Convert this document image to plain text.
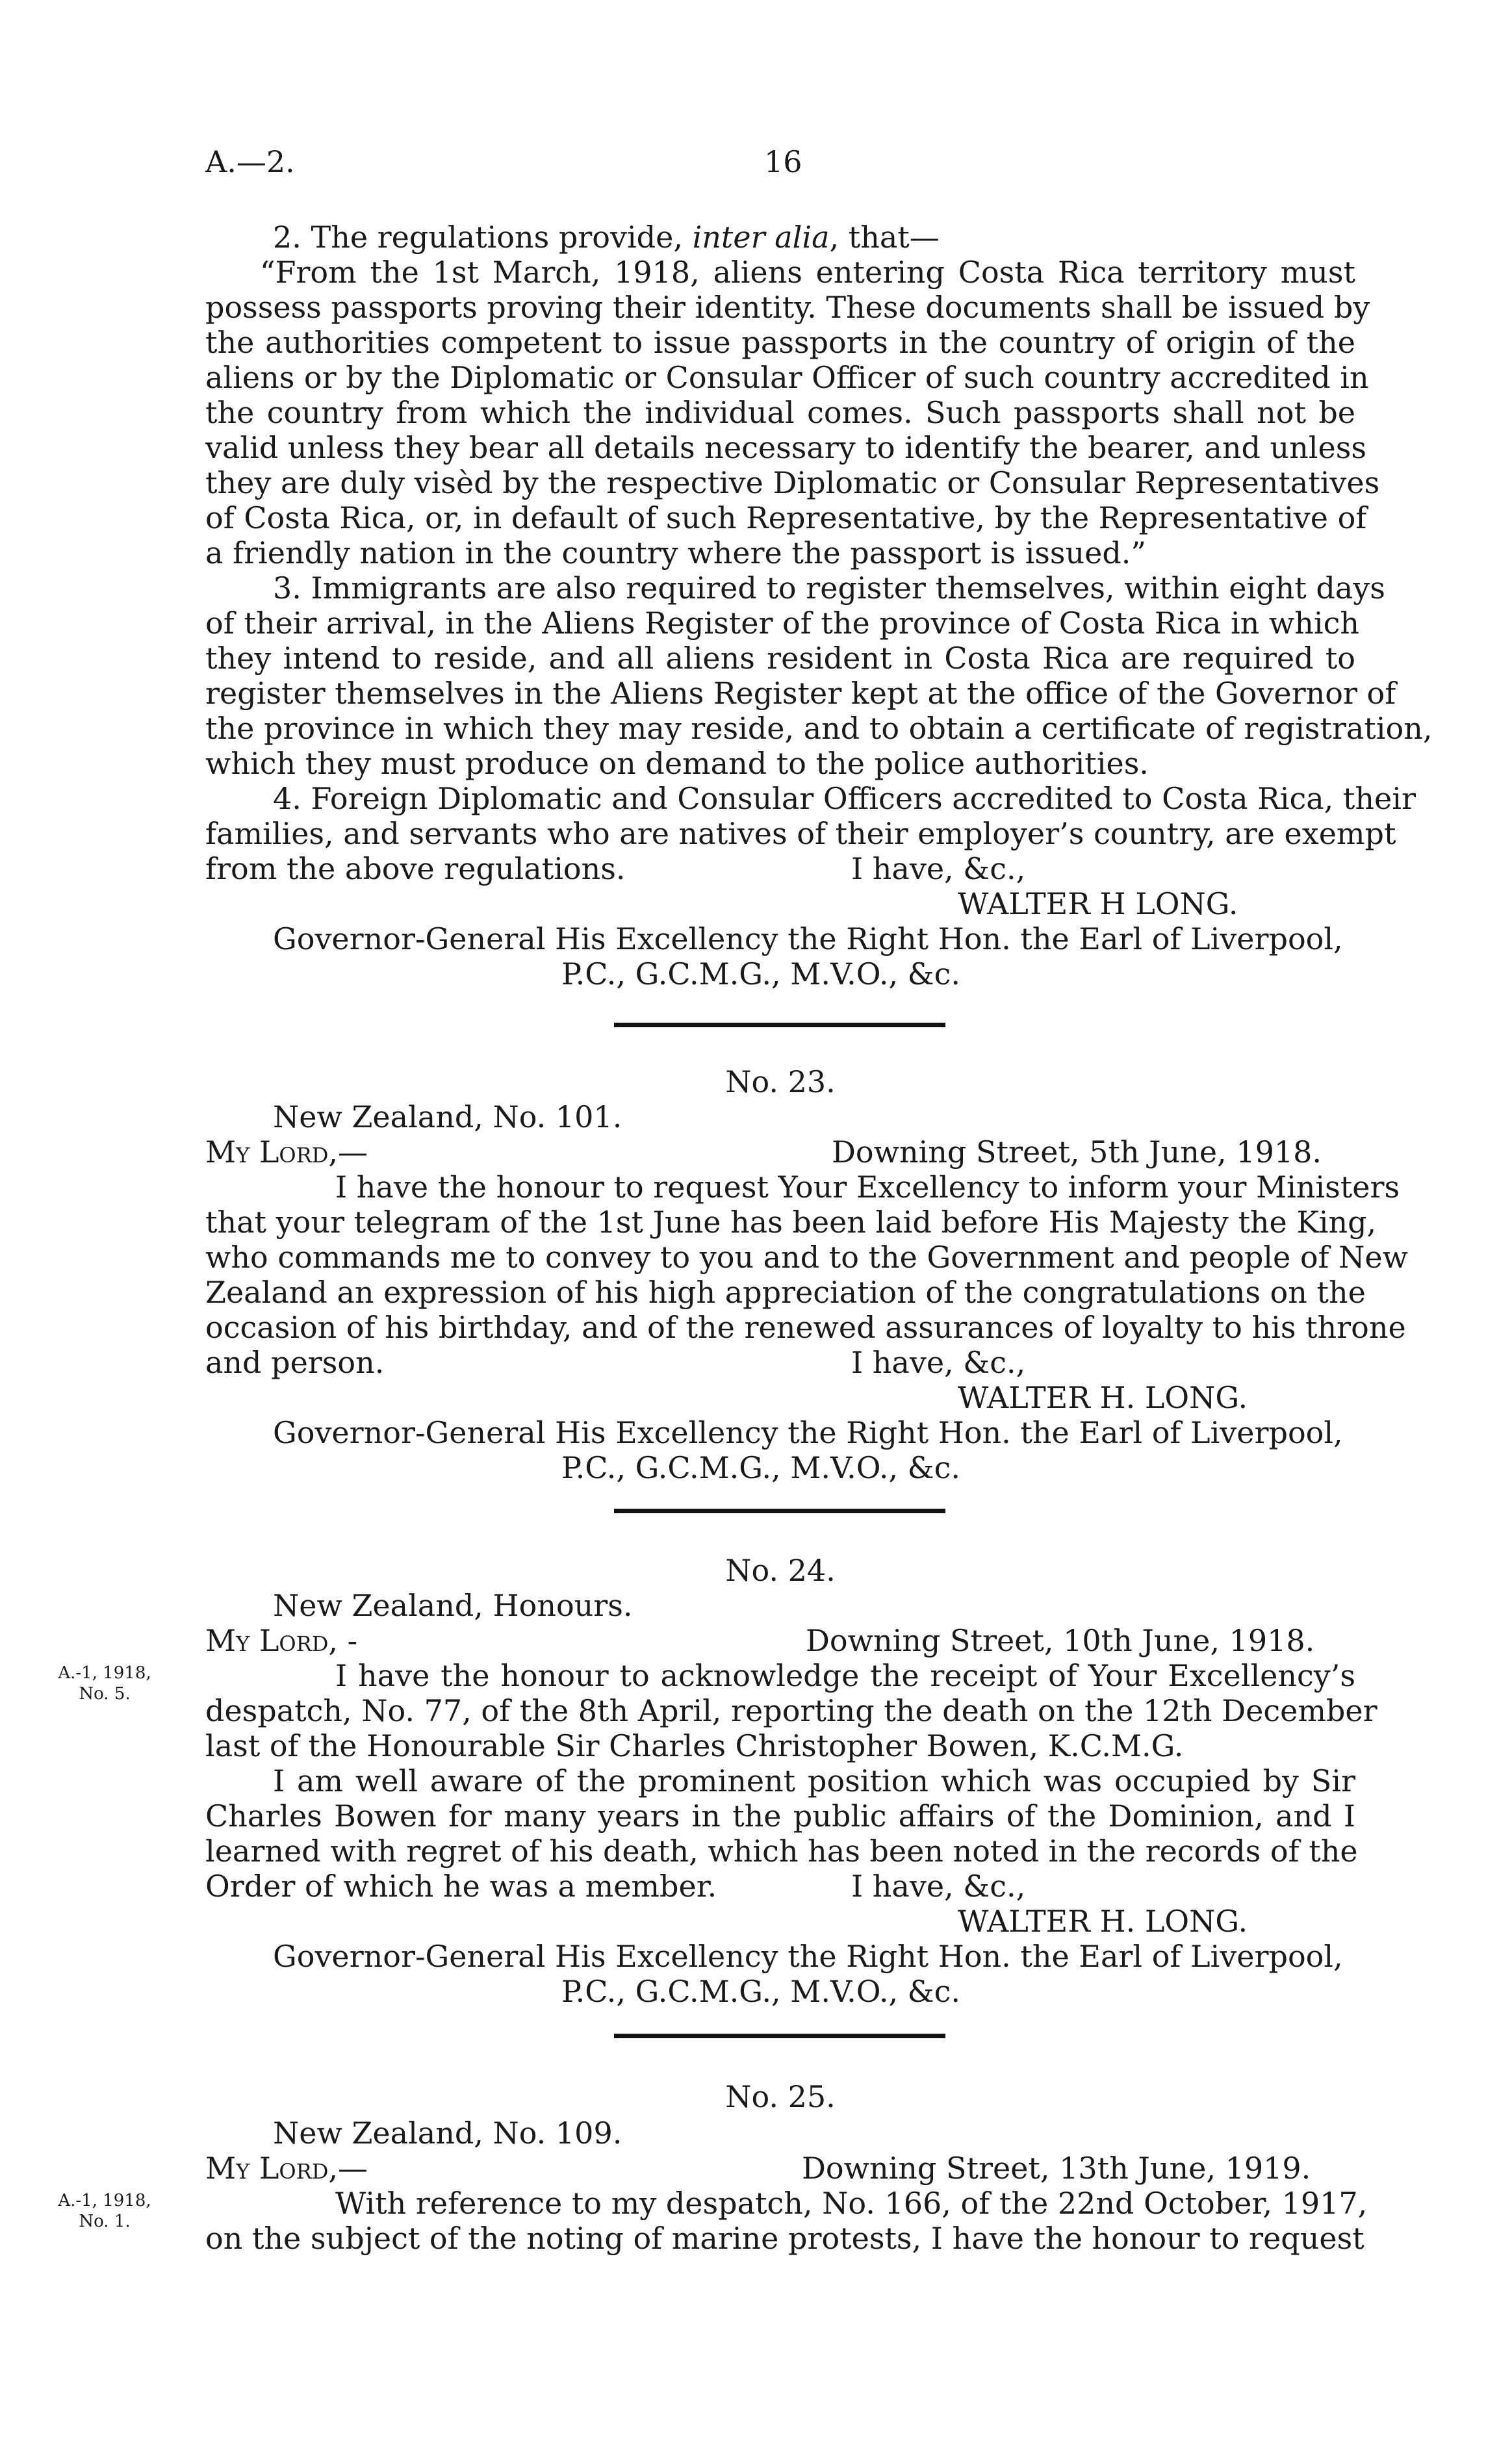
A.—2.	16
2. The regulations provide, inter alia, that—
“From the 1st March, 1918, aliens entering Costa Rica territory must
possess passports proving their identity. These documents shall be issued by
the authorities competent to issue passports in the country of origin of the
aliens or by the Diplomatic or Consular Officer of such country accredited in
the country from which the individual comes. Such passports shall not be
valid unless they bear all details necessary to identify the bearer, and unless
they are duly visèd by the respective Diplomatic or Consular Representatives
of Costa Rica, or, in default of such Representative, by the Representative of
a friendly nation in the country where the passport is issued.”
3. Immigrants are also required to register themselves, within eight days
of their arrival, in the Aliens Register of the province of Costa Rica in which
they intend to reside, and all aliens resident in Costa Rica are required to
register themselves in the Aliens Register kept at the office of the Governor of
the province in which they may reside, and to obtain a certificate of registration,
which they must produce on demand to the police authorities.
4. Foreign Diplomatic and Consular Officers accredited to Costa Rica, their
families, and servants who are natives of their employer’s country, are exempt
from the above regulations.	I have, &c.,
WALTER H LONG.
Governor-General His Excellency the Right Hon. the Earl of Liverpool,
P.C., G.C.M.G., M.V.O., &c.
No. 23.
New Zealand, No. 101.
My Lord,—	Downing Street, 5th June, 1918.
I have the honour to request Your Excellency to inform your Ministers
that your telegram of the 1st June has been laid before His Majesty the King,
who commands me to convey to you and to the Government and people of New
Zealand an expression of his high appreciation of the congratulations on the
occasion of his birthday, and of the renewed assurances of loyalty to his throne
and person.	I have, &c.,
WALTER H. LONG.
Governor-General His Excellency the Right Hon. the Earl of Liverpool,
P.C., G.C.M.G., M.V.O., &c.
No. 24.
New Zealand, Honours.
My Lord, -	Downing Street, 10th June, 1918.
A.-1, 1918,
No. 5.
I have the honour to acknowledge the receipt of Your Excellency’s
despatch, No. 77, of the 8th April, reporting the death on the 12th December
last of the Honourable Sir Charles Christopher Bowen, K.C.M.G.
I am well aware of the prominent position which was occupied by Sir
Charles Bowen for many years in the public affairs of the Dominion, and I
learned with regret of his death, which has been noted in the records of the
Order of which he was a member.	I have, &c.,
WALTER H. LONG.
Governor-General His Excellency the Right Hon. the Earl of Liverpool,
P.C., G.C.M.G., M.V.O., &c.
No. 25.
New Zealand, No. 109.
My Lord,—	Downing Street, 13th June, 1919.
A.-1, 1918,
No. 1.
With reference to my despatch, No. 166, of the 22nd October, 1917,
on the subject of the noting of marine protests, I have the honour to request
